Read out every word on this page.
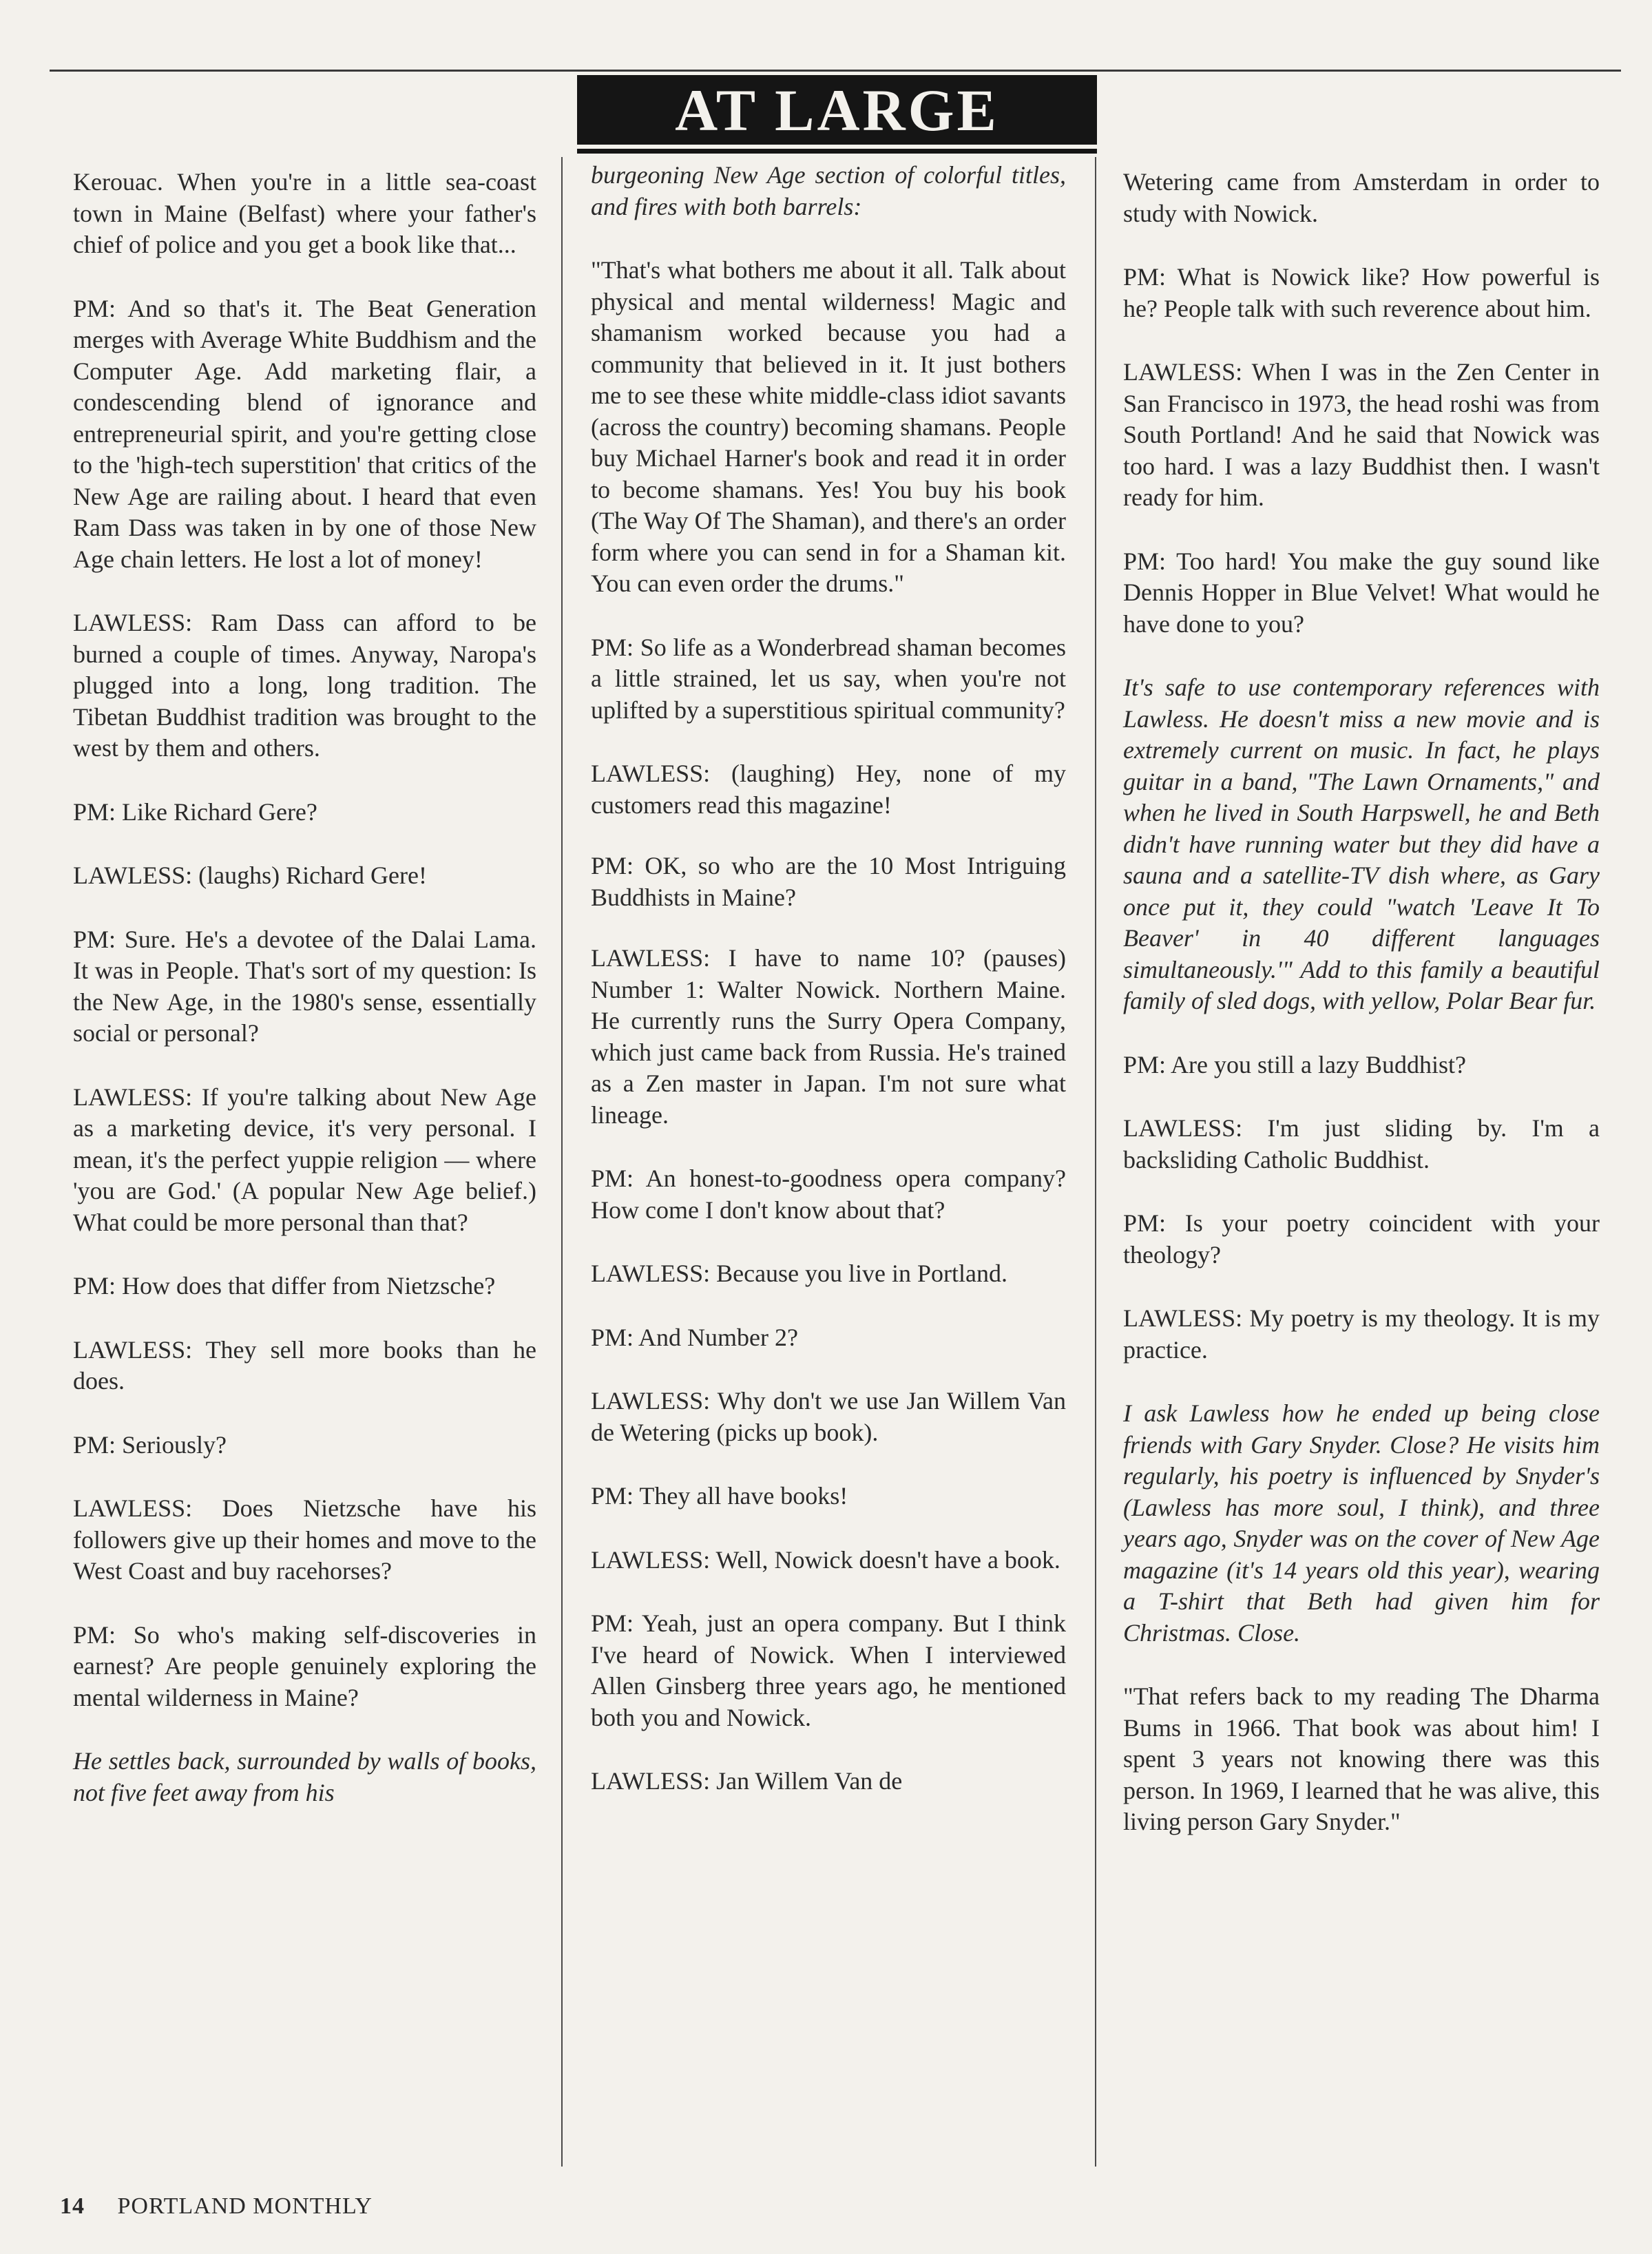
AT LARGE

Kerouac. When you're in a little sea-coast town in Maine (Belfast) where your father's chief of police and you get a book like that...

PM: And so that's it. The Beat Generation merges with Average White Buddhism and the Computer Age. Add marketing flair, a condescending blend of ignorance and entrepreneurial spirit, and you're getting close to the 'high-tech superstition' that critics of the New Age are railing about. I heard that even Ram Dass was taken in by one of those New Age chain letters. He lost a lot of money!

LAWLESS: Ram Dass can afford to be burned a couple of times. Anyway, Naropa's plugged into a long, long tradition. The Tibetan Buddhist tradition was brought to the west by them and others.

PM: Like Richard Gere?

LAWLESS: (laughs) Richard Gere!

PM: Sure. He's a devotee of the Dalai Lama. It was in People. That's sort of my question: Is the New Age, in the 1980's sense, essentially social or personal?

LAWLESS: If you're talking about New Age as a marketing device, it's very personal. I mean, it's the perfect yuppie religion — where 'you are God.' (A popular New Age belief.) What could be more personal than that?

PM: How does that differ from Nietzsche?

LAWLESS: They sell more books than he does.

PM: Seriously?

LAWLESS: Does Nietzsche have his followers give up their homes and move to the West Coast and buy racehorses?

PM: So who's making self-discoveries in earnest? Are people genuinely exploring the mental wilderness in Maine?

He settles back, surrounded by walls of books, not five feet away from his

burgeoning New Age section of colorful titles, and fires with both barrels:

"That's what bothers me about it all. Talk about physical and mental wilderness! Magic and shamanism worked because you had a community that believed in it. It just bothers me to see these white middle-class idiot savants (across the country) becoming shamans. People buy Michael Harner's book and read it in order to become shamans. Yes! You buy his book (The Way Of The Shaman), and there's an order form where you can send in for a Shaman kit. You can even order the drums."

PM: So life as a Wonderbread shaman becomes a little strained, let us say, when you're not uplifted by a superstitious spiritual community?

LAWLESS: (laughing) Hey, none of my customers read this magazine!

PM: OK, so who are the 10 Most Intriguing Buddhists in Maine?

LAWLESS: I have to name 10? (pauses) Number 1: Walter Nowick. Northern Maine. He currently runs the Surry Opera Company, which just came back from Russia. He's trained as a Zen master in Japan. I'm not sure what lineage.

PM: An honest-to-goodness opera company? How come I don't know about that?

LAWLESS: Because you live in Portland.

PM: And Number 2?

LAWLESS: Why don't we use Jan Willem Van de Wetering (picks up book).

PM: They all have books!

LAWLESS: Well, Nowick doesn't have a book.

PM: Yeah, just an opera company. But I think I've heard of Nowick. When I interviewed Allen Ginsberg three years ago, he mentioned both you and Nowick.

LAWLESS: Jan Willem Van de

Wetering came from Amsterdam in order to study with Nowick.

PM: What is Nowick like? How powerful is he? People talk with such reverence about him.

LAWLESS: When I was in the Zen Center in San Francisco in 1973, the head roshi was from South Portland! And he said that Nowick was too hard. I was a lazy Buddhist then. I wasn't ready for him.

PM: Too hard! You make the guy sound like Dennis Hopper in Blue Velvet! What would he have done to you?

It's safe to use contemporary references with Lawless. He doesn't miss a new movie and is extremely current on music. In fact, he plays guitar in a band, "The Lawn Ornaments," and when he lived in South Harpswell, he and Beth didn't have running water but they did have a sauna and a satellite-TV dish where, as Gary once put it, they could "watch 'Leave It To Beaver' in 40 different languages simultaneously.'" Add to this family a beautiful family of sled dogs, with yellow, Polar Bear fur.

PM: Are you still a lazy Buddhist?

LAWLESS: I'm just sliding by. I'm a backsliding Catholic Buddhist.

PM: Is your poetry coincident with your theology?

LAWLESS: My poetry is my theology. It is my practice.

I ask Lawless how he ended up being close friends with Gary Snyder. Close? He visits him regularly, his poetry is influenced by Snyder's (Lawless has more soul, I think), and three years ago, Snyder was on the cover of New Age magazine (it's 14 years old this year), wearing a T-shirt that Beth had given him for Christmas. Close.

"That refers back to my reading The Dharma Bums in 1966. That book was about him! I spent 3 years not knowing there was this person. In 1969, I learned that he was alive, this living person Gary Snyder."

14 PORTLAND MONTHLY
